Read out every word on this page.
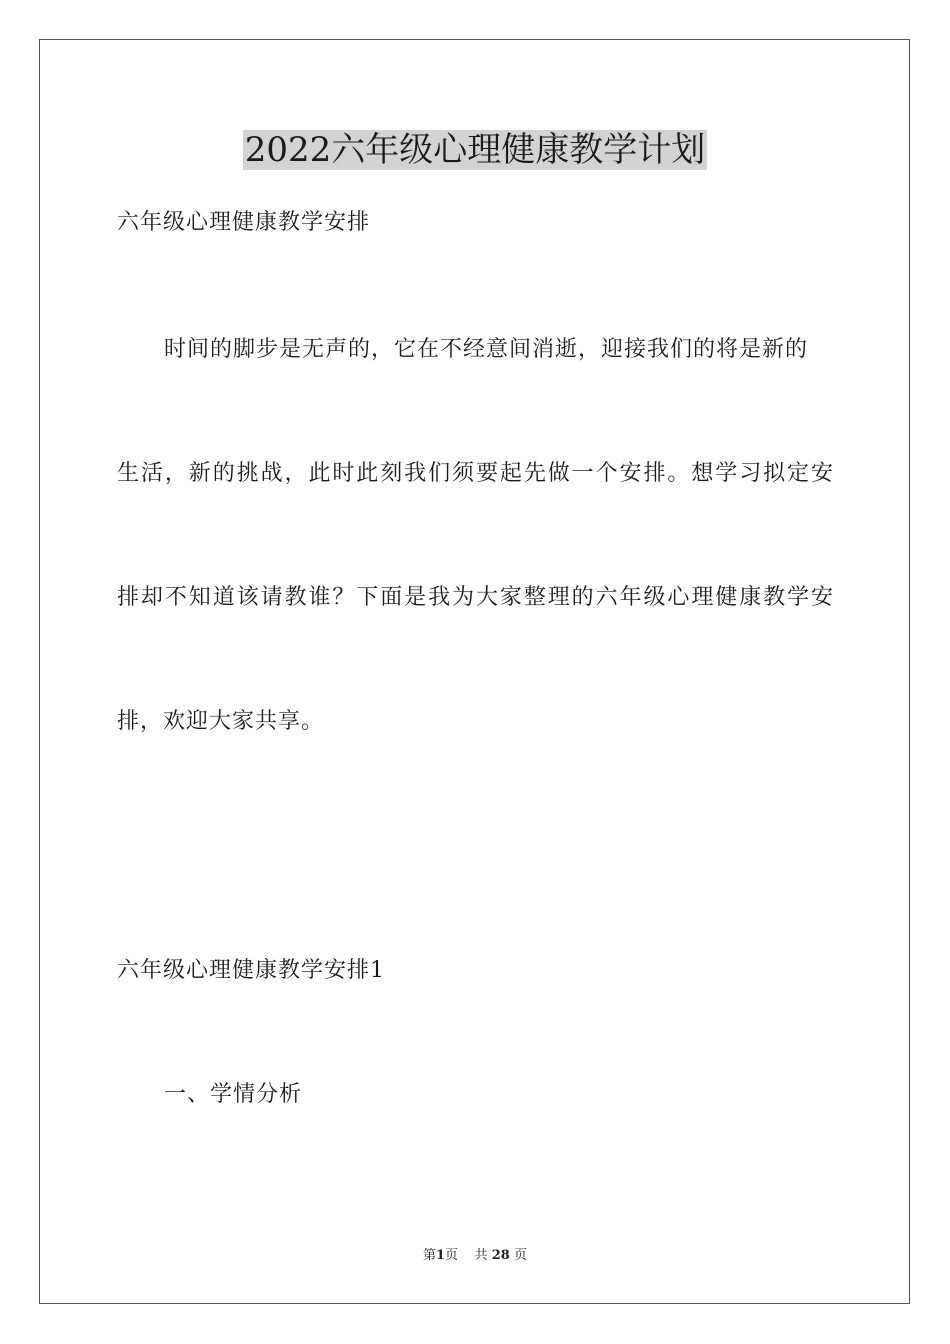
2022六年级心理健康教学计划

六年级心理健康教学安排

时间的脚步是无声的，它在不经意间消逝，迎接我们的将是新的

生活，新的挑战，此时此刻我们须要起先做一个安排。想学习拟定安

排却不知道该请教谁？下面是我为大家整理的六年级心理健康教学安

排，欢迎大家共享。

六年级心理健康教学安排1

一、学情分析

第1页 共 28 页
